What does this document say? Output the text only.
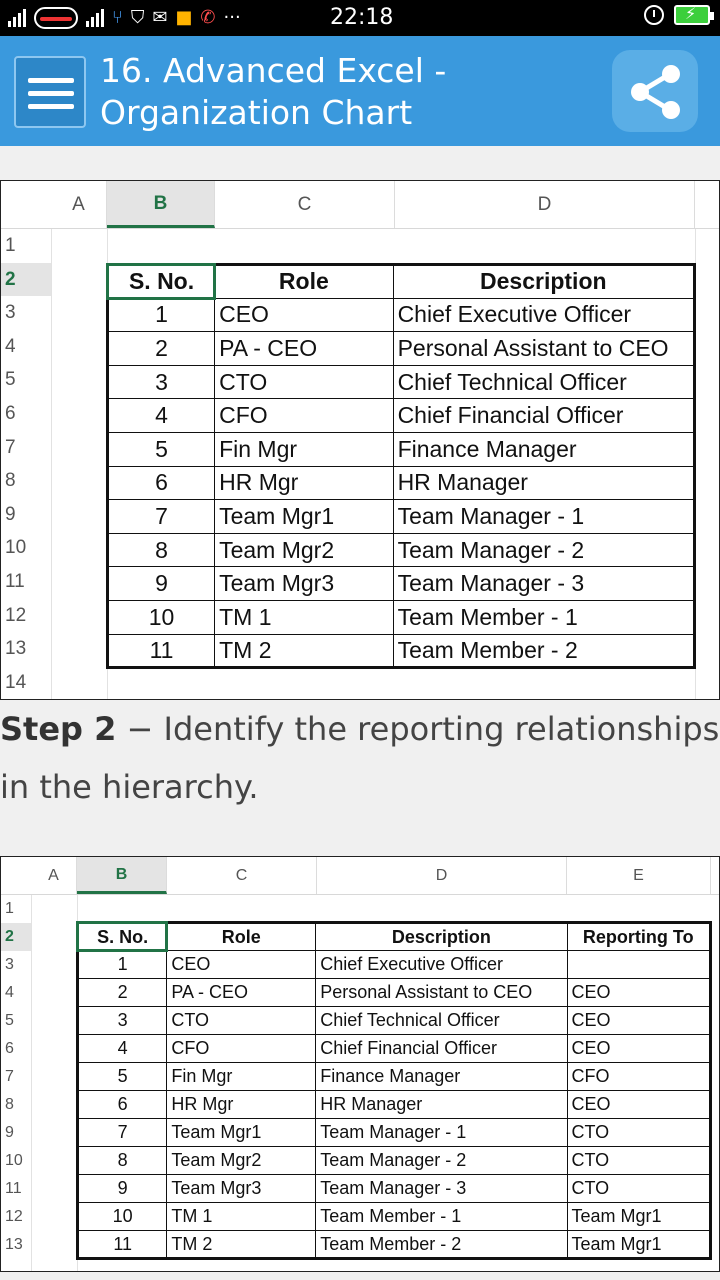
⑂ ⛉ ✉ ■ ✆ ···	22:18	⚡
16. Advanced Excel - Organization Chart
A	B	C	D
1
2
3
4
5
6
7
8
9
10
11
12
13
14
S. No.	Role	Description
1	CEO	Chief Executive Officer
2	PA - CEO	Personal Assistant to CEO
3	CTO	Chief Technical Officer
4	CFO	Chief Financial Officer
5	Fin Mgr	Finance Manager
6	HR Mgr	HR Manager
7	Team Mgr1	Team Manager - 1
8	Team Mgr2	Team Manager - 2
9	Team Mgr3	Team Manager - 3
10	TM 1	Team Member - 1
11	TM 2	Team Member - 2
Step 2 − Identify the reporting relationships in the hierarchy.
A	B	C	D	E
1
2
3
4
5
6
7
8
9
10
11
12
13
S. No.	Role	Description	Reporting To
1	CEO	Chief Executive Officer	
2	PA - CEO	Personal Assistant to CEO	CEO
3	CTO	Chief Technical Officer	CEO
4	CFO	Chief Financial Officer	CEO
5	Fin Mgr	Finance Manager	CFO
6	HR Mgr	HR Manager	CEO
7	Team Mgr1	Team Manager - 1	CTO
8	Team Mgr2	Team Manager - 2	CTO
9	Team Mgr3	Team Manager - 3	CTO
10	TM 1	Team Member - 1	Team Mgr1
11	TM 2	Team Member - 2	Team Mgr1
